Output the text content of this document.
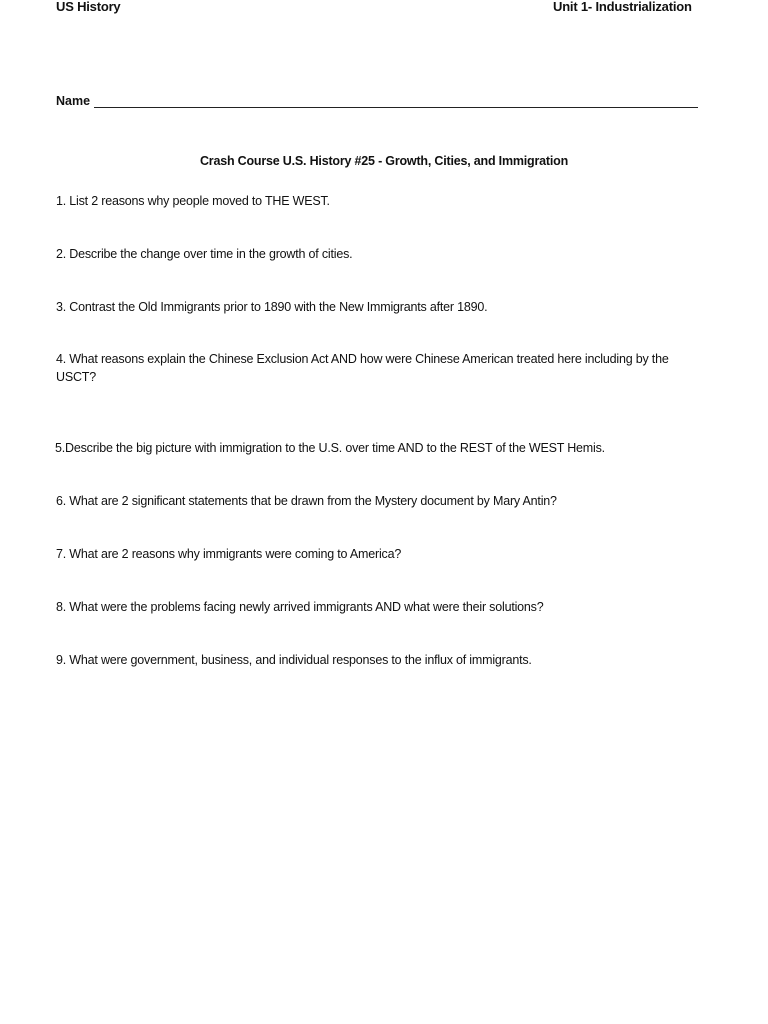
US History	Unit 1- Industrialization
Name
Crash Course U.S. History #25 - Growth, Cities, and Immigration
1. List 2 reasons why people moved to THE WEST.
2. Describe the change over time in the growth of cities.
3. Contrast the Old Immigrants prior to 1890 with the New Immigrants after 1890.
4. What reasons explain the Chinese Exclusion Act AND how were Chinese American treated here including by the USCT?
5.Describe the big picture with immigration to the U.S. over time AND to the REST of the WEST Hemis.
6. What are 2 significant statements that be drawn from the Mystery document by Mary Antin?
7. What are 2 reasons why immigrants were coming to America?
8. What were the problems facing newly arrived immigrants AND what were their solutions?
9. What were government, business, and individual responses to the influx of immigrants.
